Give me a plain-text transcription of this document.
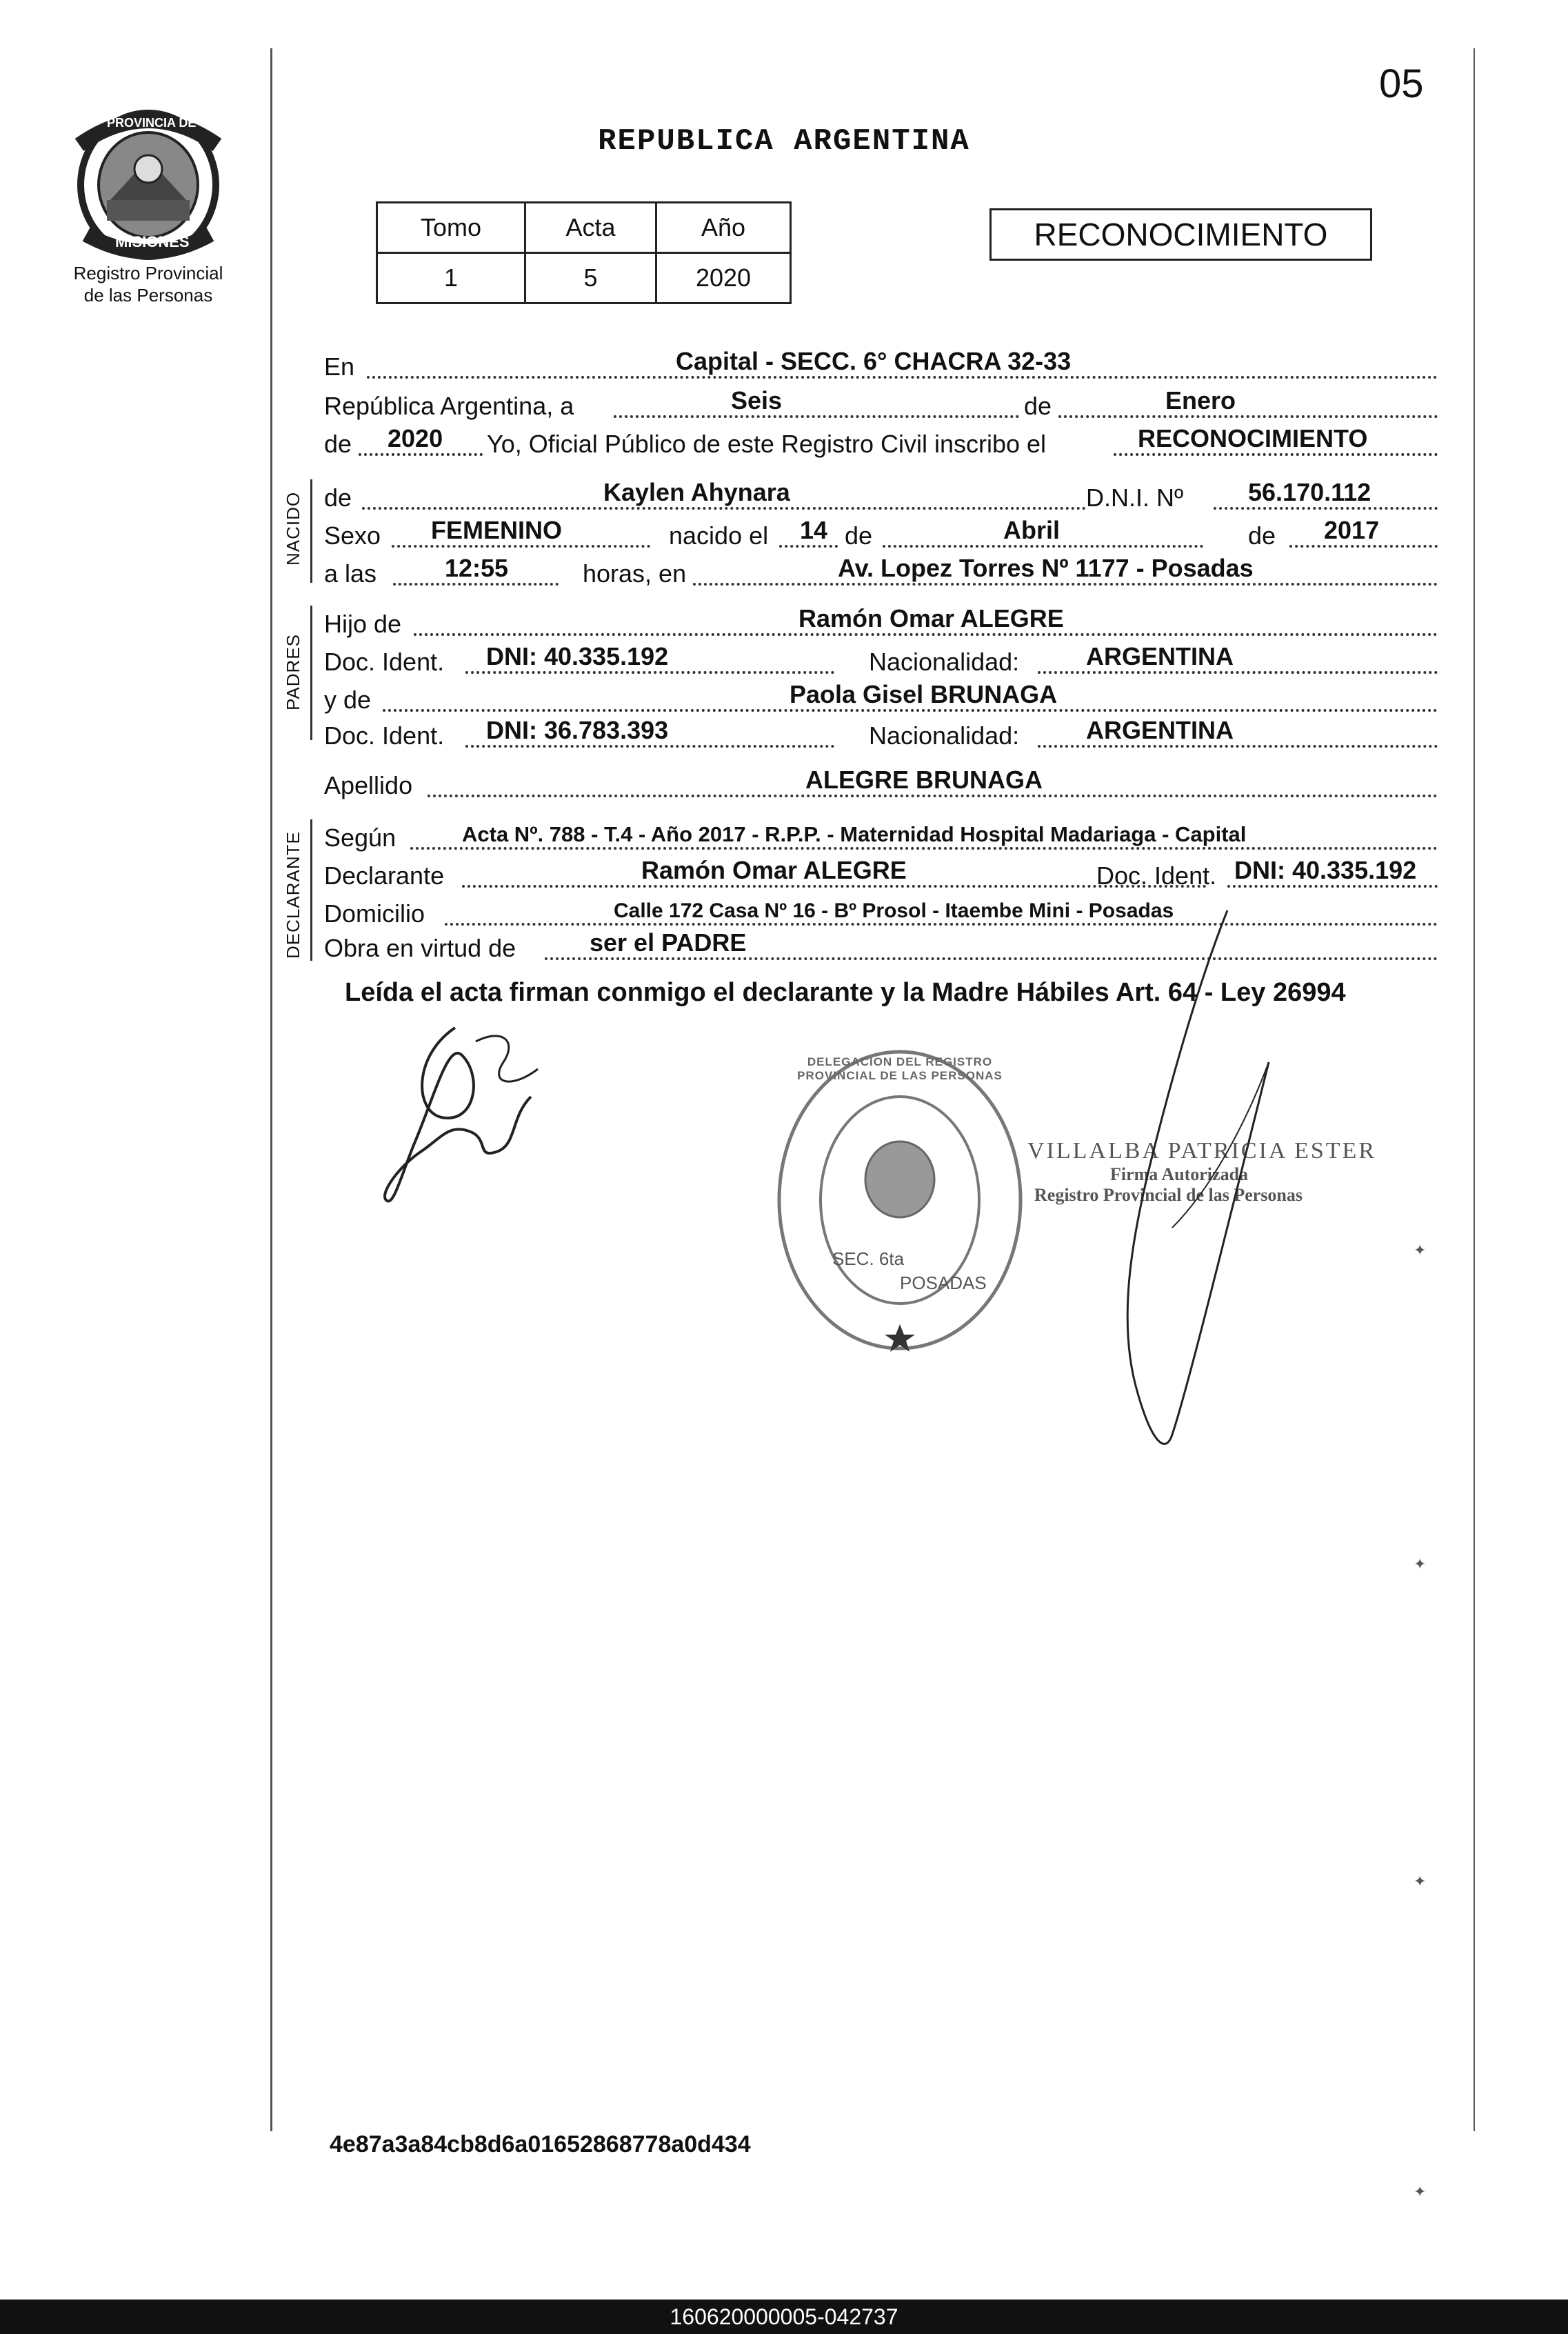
PROVINCIA DE
MISIONES
Registro Provincial
de las Personas
05
REPUBLICA ARGENTINA
Tomo	Acta	Año
1	5	2020
RECONOCIMIENTO
En	Capital - SECC. 6° CHACRA 32-33
República Argentina, a	Seis	de	Enero
de 2020 Yo, Oficial Público de este Registro Civil inscribo el	RECONOCIMIENTO
NACIDO de	Kaylen Ahynara	D.N.I. Nº	56.170.112
Sexo FEMENINO	nacido el 14 de	Abril	de 2017
a las	12:55	horas, en	Av. Lopez Torres Nº 1177 - Posadas
PADRES
Hijo de	Ramón Omar ALEGRE
Doc. Ident. DNI: 40.335.192	Nacionalidad:	ARGENTINA
y de	Paola Gisel BRUNAGA
Doc. Ident. DNI: 36.783.393	Nacionalidad:	ARGENTINA
Apellido	ALEGRE BRUNAGA
DECLARANTE Según	Acta Nº. 788 - T.4 - Año 2017 - R.P.P. - Maternidad Hospital Madariaga - Capital
Declarante	Ramón Omar ALEGRE	Doc. Ident. DNI: 40.335.192
Domicilio	Calle 172 Casa Nº 16 - Bº Prosol - Itaembe Mini - Posadas
Obra en virtud de	ser el PADRE
Leída el acta firman conmigo el declarante y la Madre Hábiles Art. 64 - Ley 26994
DELEGACION DEL REGISTRO PROVINCIAL DE LAS PERSONAS
SEC. 6ta
POSADAS
VILLALBA PATRICIA ESTER
Firma Autorizada
Registro Provincial de las Personas
✦
✦
✦
✦
4e87a3a84cb8d6a01652868778a0d434
160620000005-042737
